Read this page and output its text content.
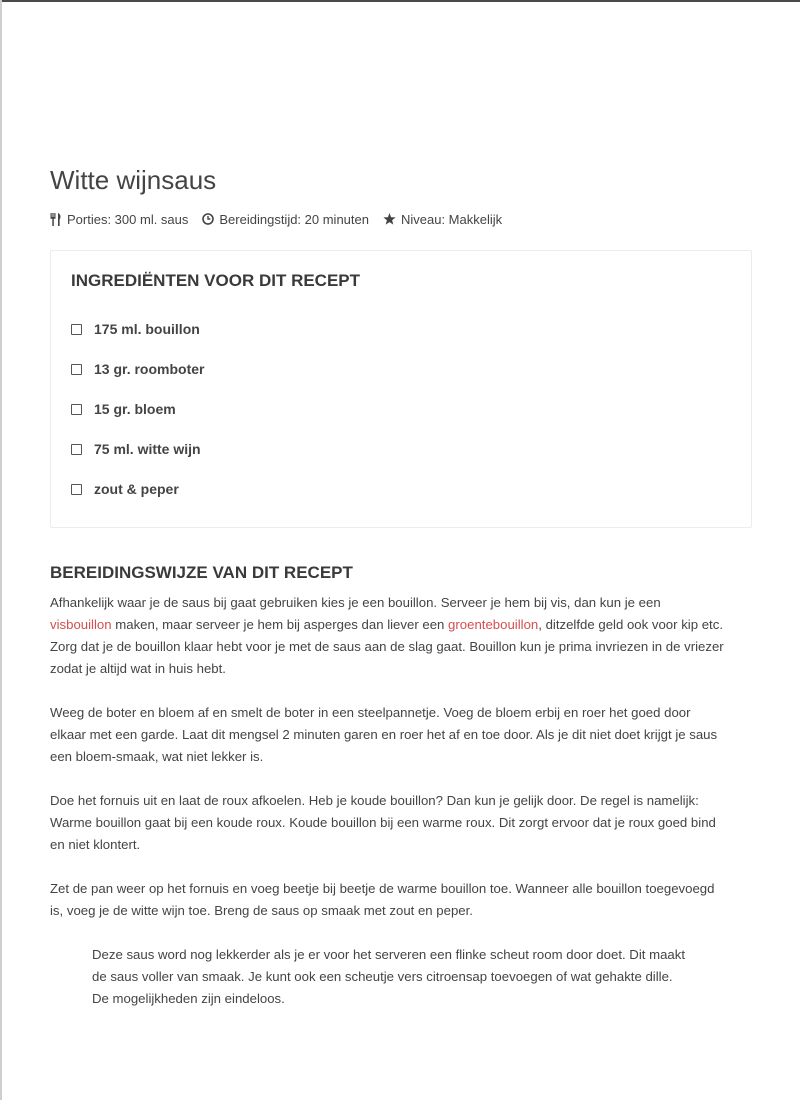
Witte wijnsaus
Porties: 300 ml. saus Bereidingstijd: 20 minuten Niveau: Makkelijk
INGREDIËNTEN VOOR DIT RECEPT
175 ml. bouillon
13 gr. roomboter
15 gr. bloem
75 ml. witte wijn
zout & peper
BEREIDINGSWIJZE VAN DIT RECEPT
Afhankelijk waar je de saus bij gaat gebruiken kies je een bouillon. Serveer je hem bij vis, dan kun je een
visbouillon maken, maar serveer je hem bij asperges dan liever een groentebouillon, ditzelfde geld ook voor kip etc.
Zorg dat je de bouillon klaar hebt voor je met de saus aan de slag gaat. Bouillon kun je prima invriezen in de vriezer
zodat je altijd wat in huis hebt.
Weeg de boter en bloem af en smelt de boter in een steelpannetje. Voeg de bloem erbij en roer het goed door
elkaar met een garde. Laat dit mengsel 2 minuten garen en roer het af en toe door. Als je dit niet doet krijgt je saus
een bloem-smaak, wat niet lekker is.
Doe het fornuis uit en laat de roux afkoelen. Heb je koude bouillon? Dan kun je gelijk door. De regel is namelijk:
Warme bouillon gaat bij een koude roux. Koude bouillon bij een warme roux. Dit zorgt ervoor dat je roux goed bind
en niet klontert.
Zet de pan weer op het fornuis en voeg beetje bij beetje de warme bouillon toe. Wanneer alle bouillon toegevoegd
is, voeg je de witte wijn toe. Breng de saus op smaak met zout en peper.
Deze saus word nog lekkerder als je er voor het serveren een flinke scheut room door doet. Dit maakt
de saus voller van smaak. Je kunt ook een scheutje vers citroensap toevoegen of wat gehakte dille.
De mogelijkheden zijn eindeloos.
